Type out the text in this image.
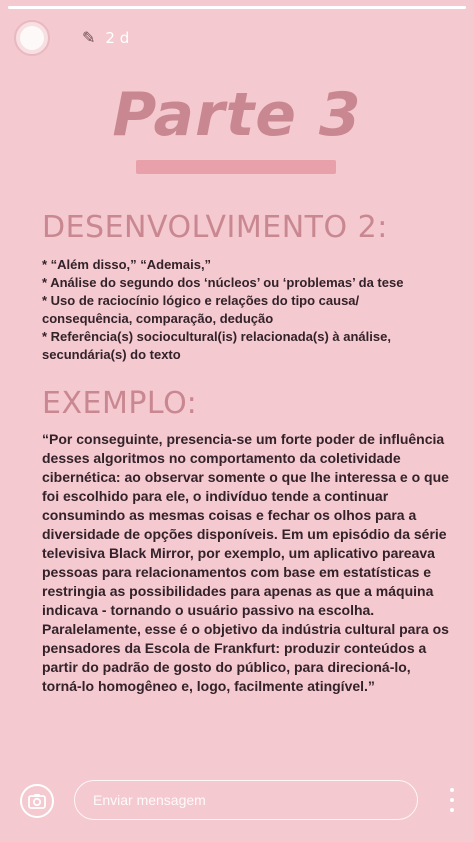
✎ 2 d
Parte 3
DESENVOLVIMENTO 2:
* “Além disso,” “Ademais,”
* Análise do segundo dos ‘núcleos’ ou ‘problemas’ da tese
* Uso de raciocínio lógico e relações do tipo causa/ consequência, comparação, dedução
* Referência(s) sociocultural(is) relacionada(s) à análise, secundária(s) do texto
EXEMPLO:

“Por conseguinte, presencia-se um forte poder de influência desses algoritmos no comportamento da coletividade cibernética: ao observar somente o que lhe interessa e o que foi escolhido para ele, o indivíduo tende a continuar consumindo as mesmas coisas e fechar os olhos para a diversidade de opções disponíveis. Em um episódio da série televisiva Black Mirror, por exemplo, um aplicativo pareava pessoas para relacionamentos com base em estatísticas e restringia as possibilidades para apenas as que a máquina indicava - tornando o usuário passivo na escolha. Paralelamente, esse é o objetivo da indústria cultural para os pensadores da Escola de Frankfurt: produzir conteúdos a partir do padrão de gosto do público, para direcioná-lo, torná-lo homogêneo e, logo, facilmente atingível.”

Enviar mensagem
